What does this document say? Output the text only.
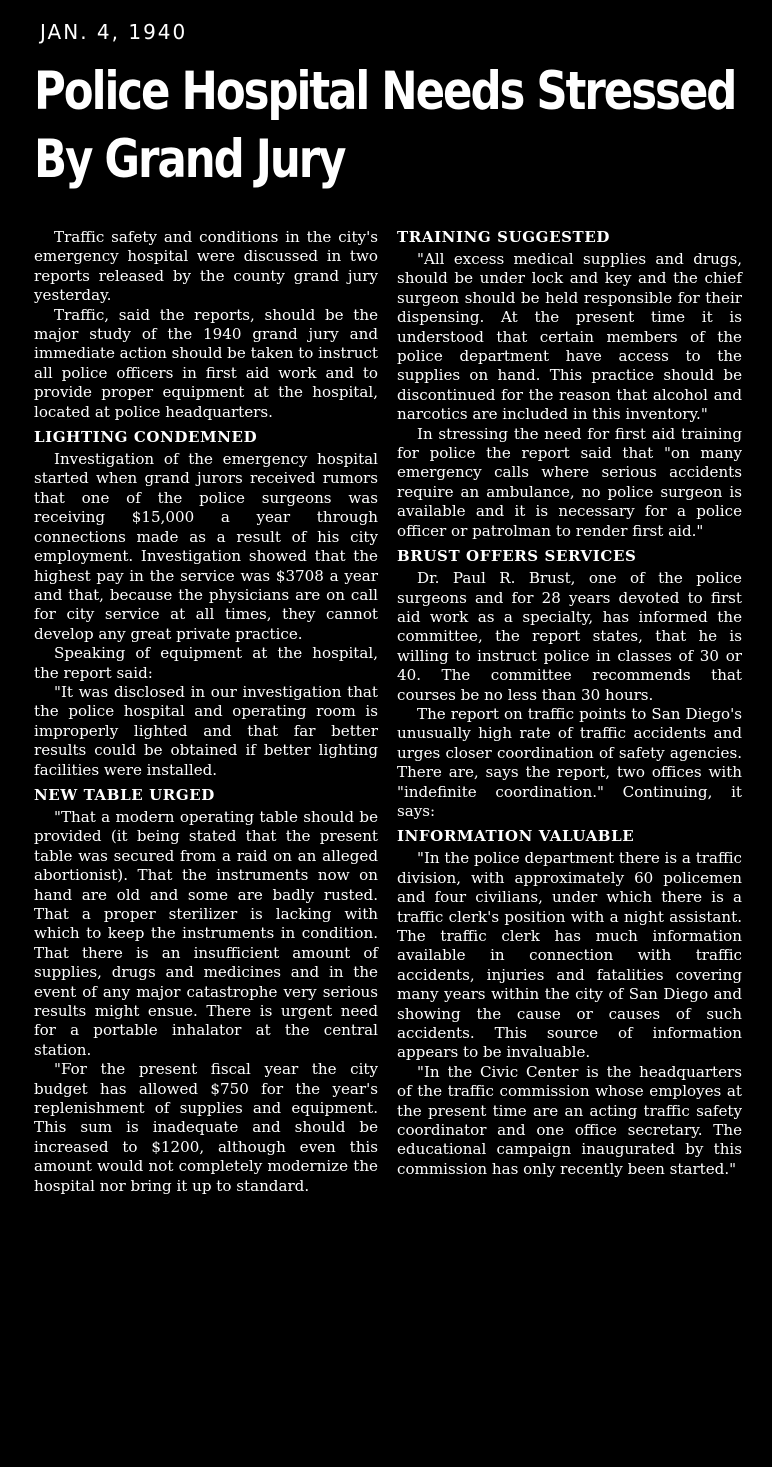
JAN. 4, 1940
Police Hospital Needs Stressed
By Grand Jury

Traffic safety and conditions in the city's emergency hospital were discussed in two reports released by the county grand jury yesterday.

Traffic, said the reports, should be the major study of the 1940 grand jury and immediate action should be taken to instruct all police officers in first aid work and to provide proper equipment at the hospital, located at police headquarters.

LIGHTING CONDEMNED

Investigation of the emergency hospital started when grand jurors received rumors that one of the police surgeons was receiving $15,000 a year through connections made as a result of his city employment. Investigation showed that the highest pay in the service was $3708 a year and that, because the physicians are on call for city service at all times, they cannot develop any great private practice.

Speaking of equipment at the hospital, the report said:

"It was disclosed in our investigation that the police hospital and operating room is improperly lighted and that far better results could be obtained if better lighting facilities were installed.

NEW TABLE URGED

"That a modern operating table should be provided (it being stated that the present table was secured from a raid on an alleged abortionist). That the instruments now on hand are old and some are badly rusted. That a proper sterilizer is lacking with which to keep the instruments in condition. That there is an insufficient amount of supplies, drugs and medicines and in the event of any major catastrophe very serious results might ensue. There is urgent need for a portable inhalator at the central station.

"For the present fiscal year the city budget has allowed $750 for the year's replenishment of supplies and equipment. This sum is inadequate and should be increased to $1200, although even this amount would not completely modernize the hospital nor bring it up to standard.

TRAINING SUGGESTED

"All excess medical supplies and drugs, should be under lock and key and the chief surgeon should be held responsible for their dispensing. At the present time it is understood that certain members of the police department have access to the supplies on hand. This practice should be discontinued for the reason that alcohol and narcotics are included in this inventory."

In stressing the need for first aid training for police the report said that "on many emergency calls where serious accidents require an ambulance, no police surgeon is available and it is necessary for a police officer or patrolman to render first aid."

BRUST OFFERS SERVICES

Dr. Paul R. Brust, one of the police surgeons and for 28 years devoted to first aid work as a specialty, has informed the committee, the report states, that he is willing to instruct police in classes of 30 or 40. The committee recommends that courses be no less than 30 hours.

The report on traffic points to San Diego's unusually high rate of traffic accidents and urges closer coordination of safety agencies. There are, says the report, two offices with "indefinite coordination." Continuing, it says:

INFORMATION VALUABLE

"In the police department there is a traffic division, with approximately 60 policemen and four civilians, under which there is a traffic clerk's position with a night assistant. The traffic clerk has much information available in connection with traffic accidents, injuries and fatalities covering many years within the city of San Diego and showing the cause or causes of such accidents. This source of information appears to be invaluable.

"In the Civic Center is the headquarters of the traffic commission whose employes at the present time are an acting traffic safety coordinator and one office secretary. The educational campaign inaugurated by this commission has only recently been started."
